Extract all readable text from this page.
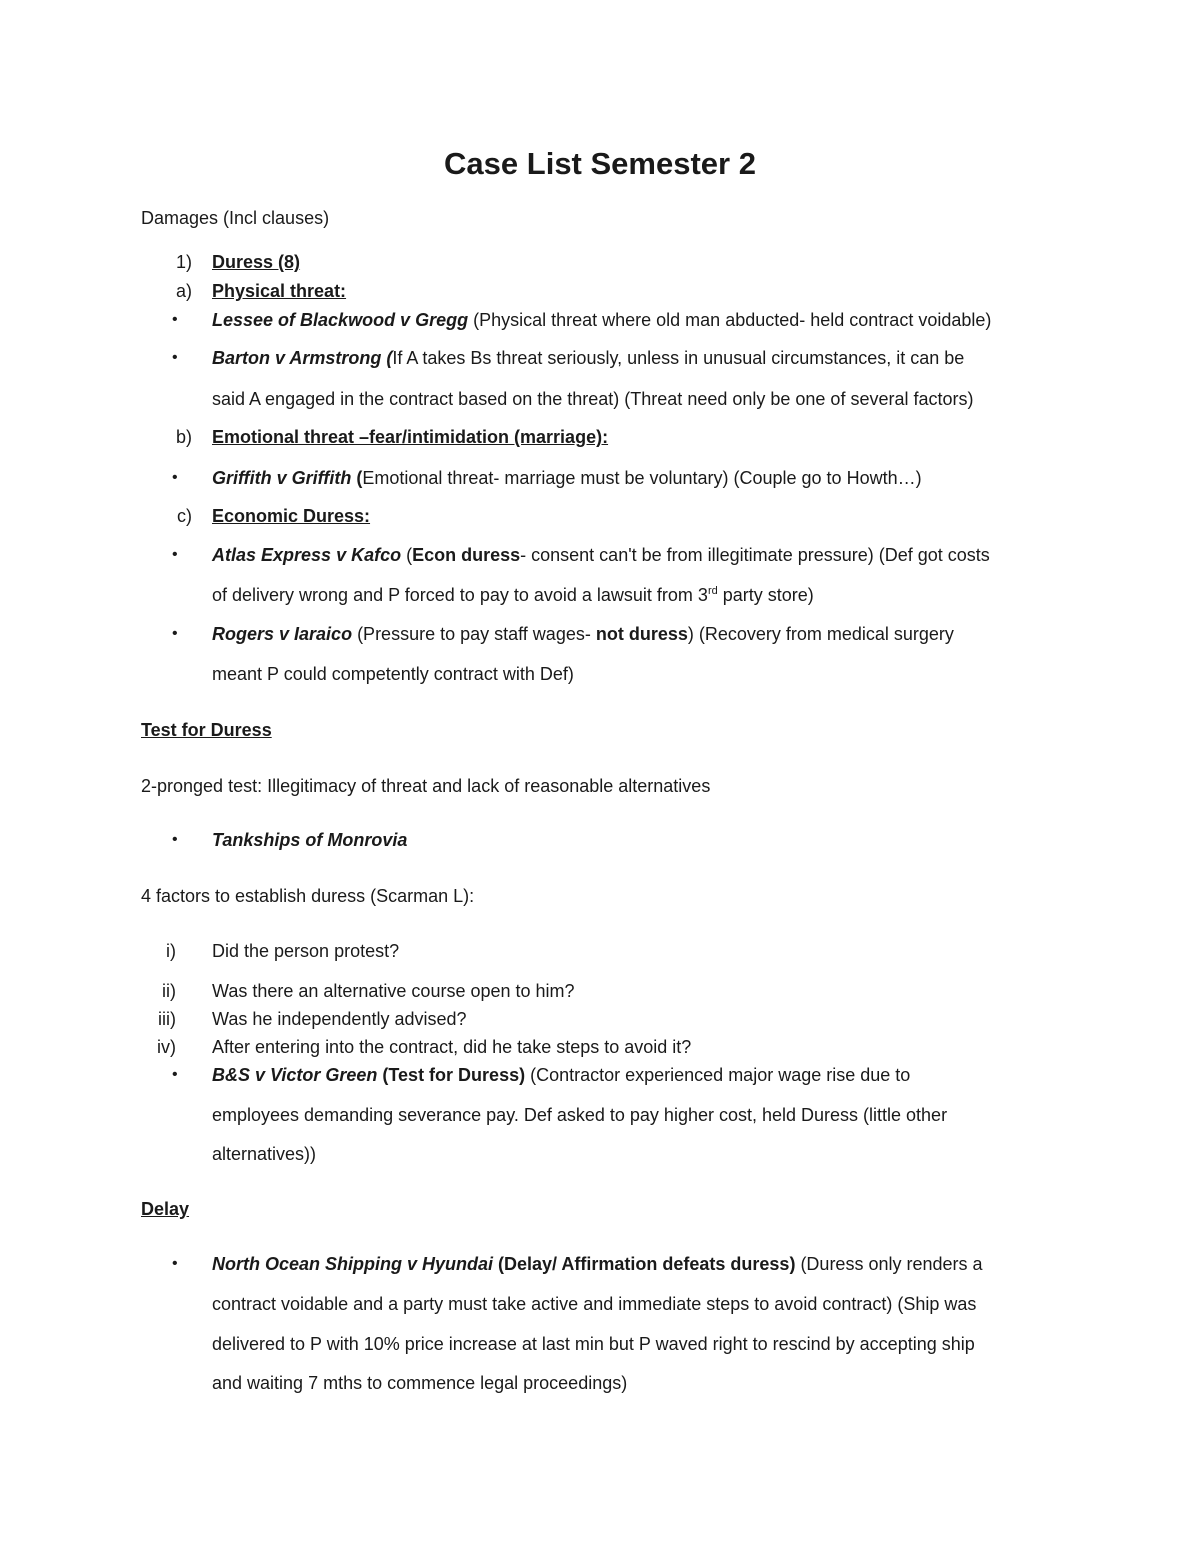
Case List Semester 2
Damages (Incl clauses)
1) Duress (8)
a) Physical threat:
• Lessee of Blackwood v Gregg (Physical threat where old man abducted- held contract voidable)
• Barton v Armstrong (If A takes Bs threat seriously, unless in unusual circumstances, it can be
said A engaged in the contract based on the threat) (Threat need only be one of several factors)
b) Emotional threat –fear/intimidation (marriage):
• Griffith v Griffith (Emotional threat- marriage must be voluntary) (Couple go to Howth…)
c) Economic Duress:
• Atlas Express v Kafco (Econ duress- consent can't be from illegitimate pressure) (Def got costs
of delivery wrong and P forced to pay to avoid a lawsuit from 3rd party store)
• Rogers v Iaraico (Pressure to pay staff wages- not duress) (Recovery from medical surgery
meant P could competently contract with Def)
Test for Duress
2-pronged test: Illegitimacy of threat and lack of reasonable alternatives
• Tankships of Monrovia
4 factors to establish duress (Scarman L):
i) Did the person protest?
ii) Was there an alternative course open to him?
iii) Was he independently advised?
iv) After entering into the contract, did he take steps to avoid it?
• B&S v Victor Green (Test for Duress) (Contractor experienced major wage rise due to
employees demanding severance pay. Def asked to pay higher cost, held Duress (little other
alternatives))
Delay
• North Ocean Shipping v Hyundai (Delay/ Affirmation defeats duress) (Duress only renders a
contract voidable and a party must take active and immediate steps to avoid contract) (Ship was
delivered to P with 10% price increase at last min but P waved right to rescind by accepting ship
and waiting 7 mths to commence legal proceedings)
